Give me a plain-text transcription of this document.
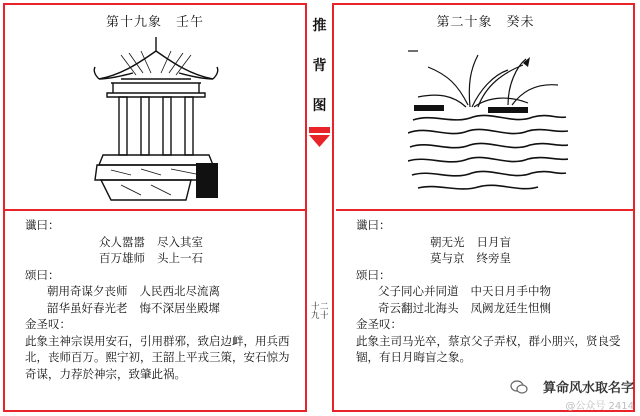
第十九象　壬午
谶曰：
众人嚣嚣 尽入其室
百万雄师 头上一石
颂曰：
朝用奇谋夕丧师 人民西北尽流离
韶华虽好春光老 悔不深居坐殿墀
金圣叹：
此象主神宗误用安石，引用群邪，致启边衅，用兵西北，丧师百万。熙宁初，王韶上平戎三策，安石惊为奇谋，力荐於神宗，致肇此祸。
推
背
图
十
九
二
十
第二十象　癸未
谶曰：
朝无光 日月盲
莫与京 终旁皇
颂曰：
父子同心并同道 中天日月手中物
奇云翻过北海头 凤阙龙廷生怛恻
金圣叹：
此象主司马光卒，蔡京父子弄权，群小朋兴，贤良受锢，有日月晦盲之象。
算命风水取名字
@公众号 2414
